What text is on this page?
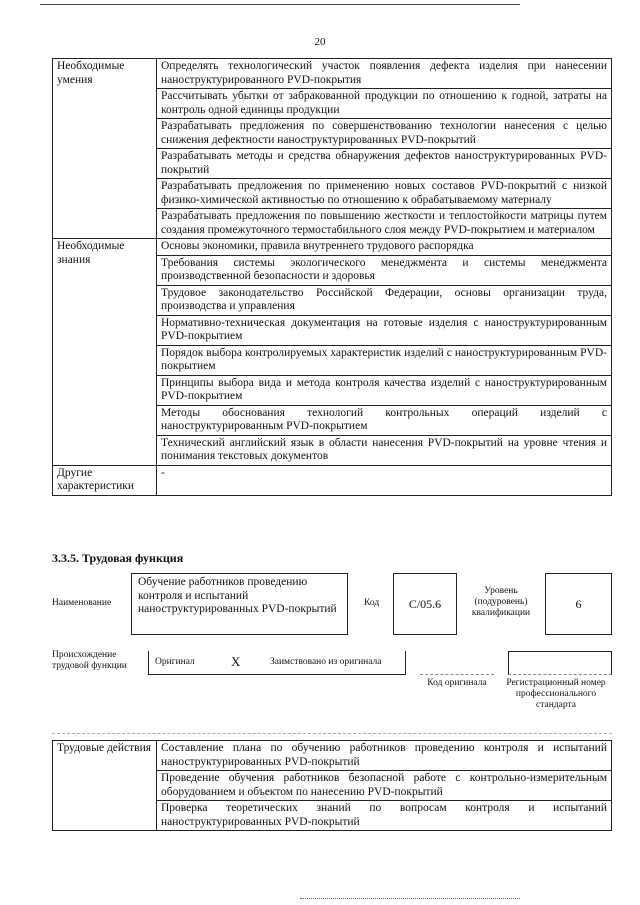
20
Необходимые умения	Определять технологический участок появления дефекта изделия при нанесении наноструктурированного PVD-покрытия
	Рассчитывать убытки от забракованной продукции по отношению к годной, затраты на контроль одной единицы продукции
	Разрабатывать предложения по совершенствованию технологии нанесения с целью снижения дефектности наноструктурированных PVD-покрытий
	Разрабатывать методы и средства обнаружения дефектов наноструктурированных PVD-покрытий
	Разрабатывать предложения по применению новых составов PVD-покрытий с низкой физико-химической активностью по отношению к обрабатываемому материалу
	Разрабатывать предложения по повышению жесткости и теплостойкости матрицы путем создания промежуточного термостабильного слоя между PVD-покрытием и материалом
Необходимые знания	Основы экономики, правила внутреннего трудового распорядка
	Требования системы экологического менеджмента и системы менеджмента производственной безопасности и здоровья
	Трудовое законодательство Российской Федерации, основы организации труда, производства и управления
	Нормативно-техническая документация на готовые изделия с наноструктурированным PVD-покрытием
	Порядок выбора контролируемых характеристик изделий с наноструктурированным PVD-покрытием
	Принципы выбора вида и метода контроля качества изделий с наноструктурированным PVD-покрытием
	Методы обоснования технологий контрольных операций изделий с наноструктурированным PVD-покрытием
	Технический английский язык в области нанесения PVD-покрытий на уровне чтения и понимания текстовых документов
Другие характеристики	-
3.3.5. Трудовая функция
Наименование
Обучение работников проведению контроля и испытаний наноструктурированных PVD-покрытий	Код	C/05.6
Уровень (подуровень) квалификации
6
Происхождение трудовой функции	Оригинал	X	Заимствовано из оригинала
Код оригинала	Регистрационный номер профессионального стандарта
Трудовые действия	Составление плана по обучению работников проведению контроля и испытаний наноструктурированных PVD-покрытий
Проведение обучения работников безопасной работе с контрольно-измерительным оборудованием и объектом по нанесению PVD-покрытий
Проверка теоретических знаний по вопросам контроля и испытаний наноструктурированных PVD-покрытий
